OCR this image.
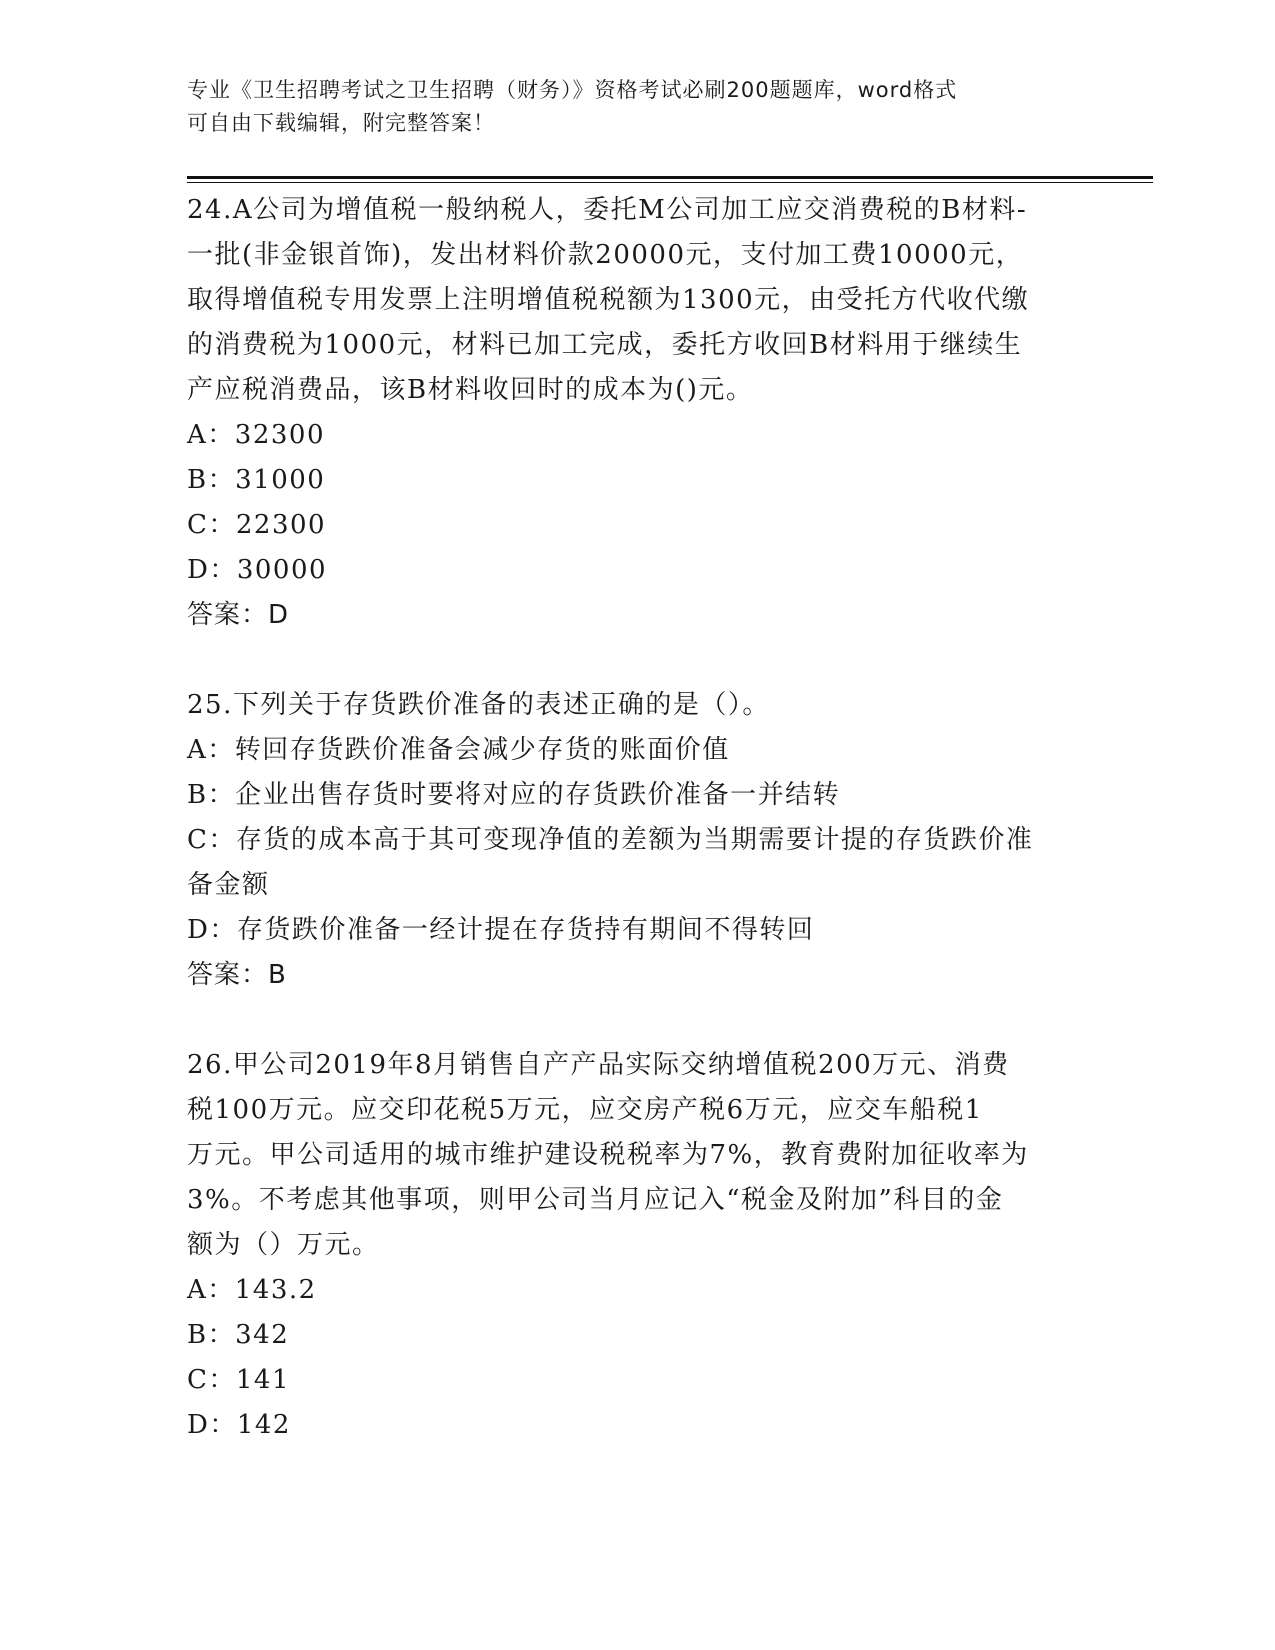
专业《卫生招聘考试之卫生招聘（财务）》资格考试必刷200题题库，word格式
可自由下载编辑，附完整答案！
24.A公司为增值税一般纳税人，委托M公司加工应交消费税的B材料-
一批(非金银首饰)，发出材料价款20000元，支付加工费10000元，
取得增值税专用发票上注明增值税税额为1300元，由受托方代收代缴
的消费税为1000元，材料已加工完成，委托方收回B材料用于继续生
产应税消费品，该B材料收回时的成本为()元。
A：32300
B：31000
C：22300
D：30000
答案：D
25.下列关于存货跌价准备的表述正确的是（）。
A：转回存货跌价准备会减少存货的账面价值
B：企业出售存货时要将对应的存货跌价准备一并结转
C：存货的成本高于其可变现净值的差额为当期需要计提的存货跌价准
备金额
D：存货跌价准备一经计提在存货持有期间不得转回
答案：B
26.甲公司2019年8月销售自产产品实际交纳增值税200万元、消费
税100万元。应交印花税5万元，应交房产税6万元，应交车船税1
万元。甲公司适用的城市维护建设税税率为7%，教育费附加征收率为
3%。不考虑其他事项，则甲公司当月应记入“税金及附加”科目的金
额为（）万元。
A：143.2
B：342
C：141
D：142
